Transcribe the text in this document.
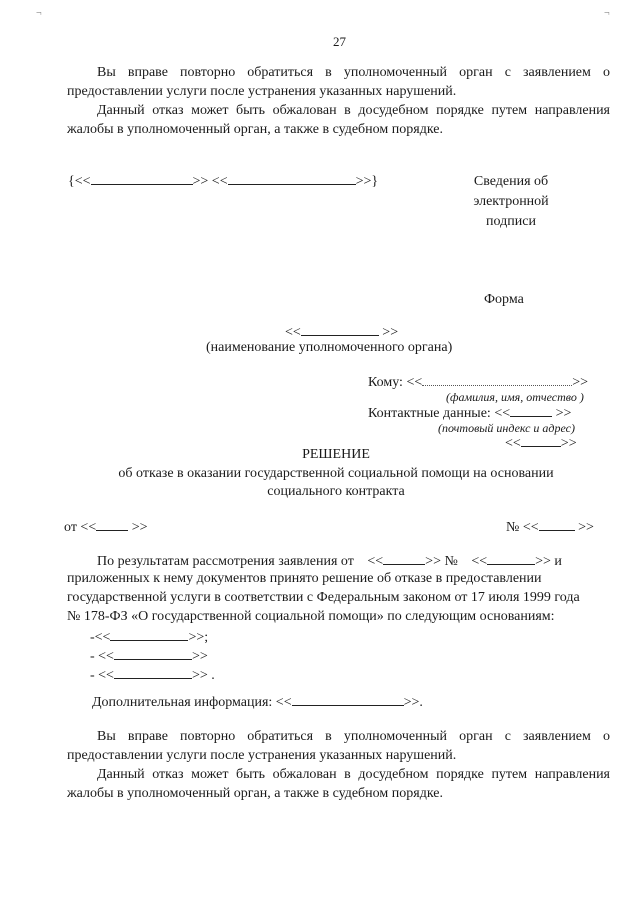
¬	¬
27
Вы вправе повторно обратиться в уполномоченный орган с заявлением о предоставлении услуги после устранения указанных нарушений.
Данный отказ может быть обжалован в досудебном порядке путем направления жалобы в уполномоченный орган, а также в судебном порядке.
{<<	>> <<	>>}	Сведения об
электронной
подписи
Форма
<<	>>
(наименование уполномоченного органа)
Кому: <<	>>
(фамилия, имя, отчество )
Контактные данные: <<	>>
(почтовый индекс и адрес)
<<	>>
РЕШЕНИЕ
об отказе в оказании государственной социальной помощи на основании
социального контракта
от <<	>>	№ <<	>>
По результатам рассмотрения заявления от <<	>> № <<	>> и
приложенных к нему документов принято решение об отказе в предоставлении
государственной услуги в соответствии с Федеральным законом от 17 июля 1999 года
№ 178-ФЗ «О государственной социальной помощи» по следующим основаниям:
-<<	>>;
- <<	>>
- <<	>> .
Дополнительная информация: <<	>>.
Вы вправе повторно обратиться в уполномоченный орган с заявлением о предоставлении услуги после устранения указанных нарушений.
Данный отказ может быть обжалован в досудебном порядке путем направления жалобы в уполномоченный орган, а также в судебном порядке.
